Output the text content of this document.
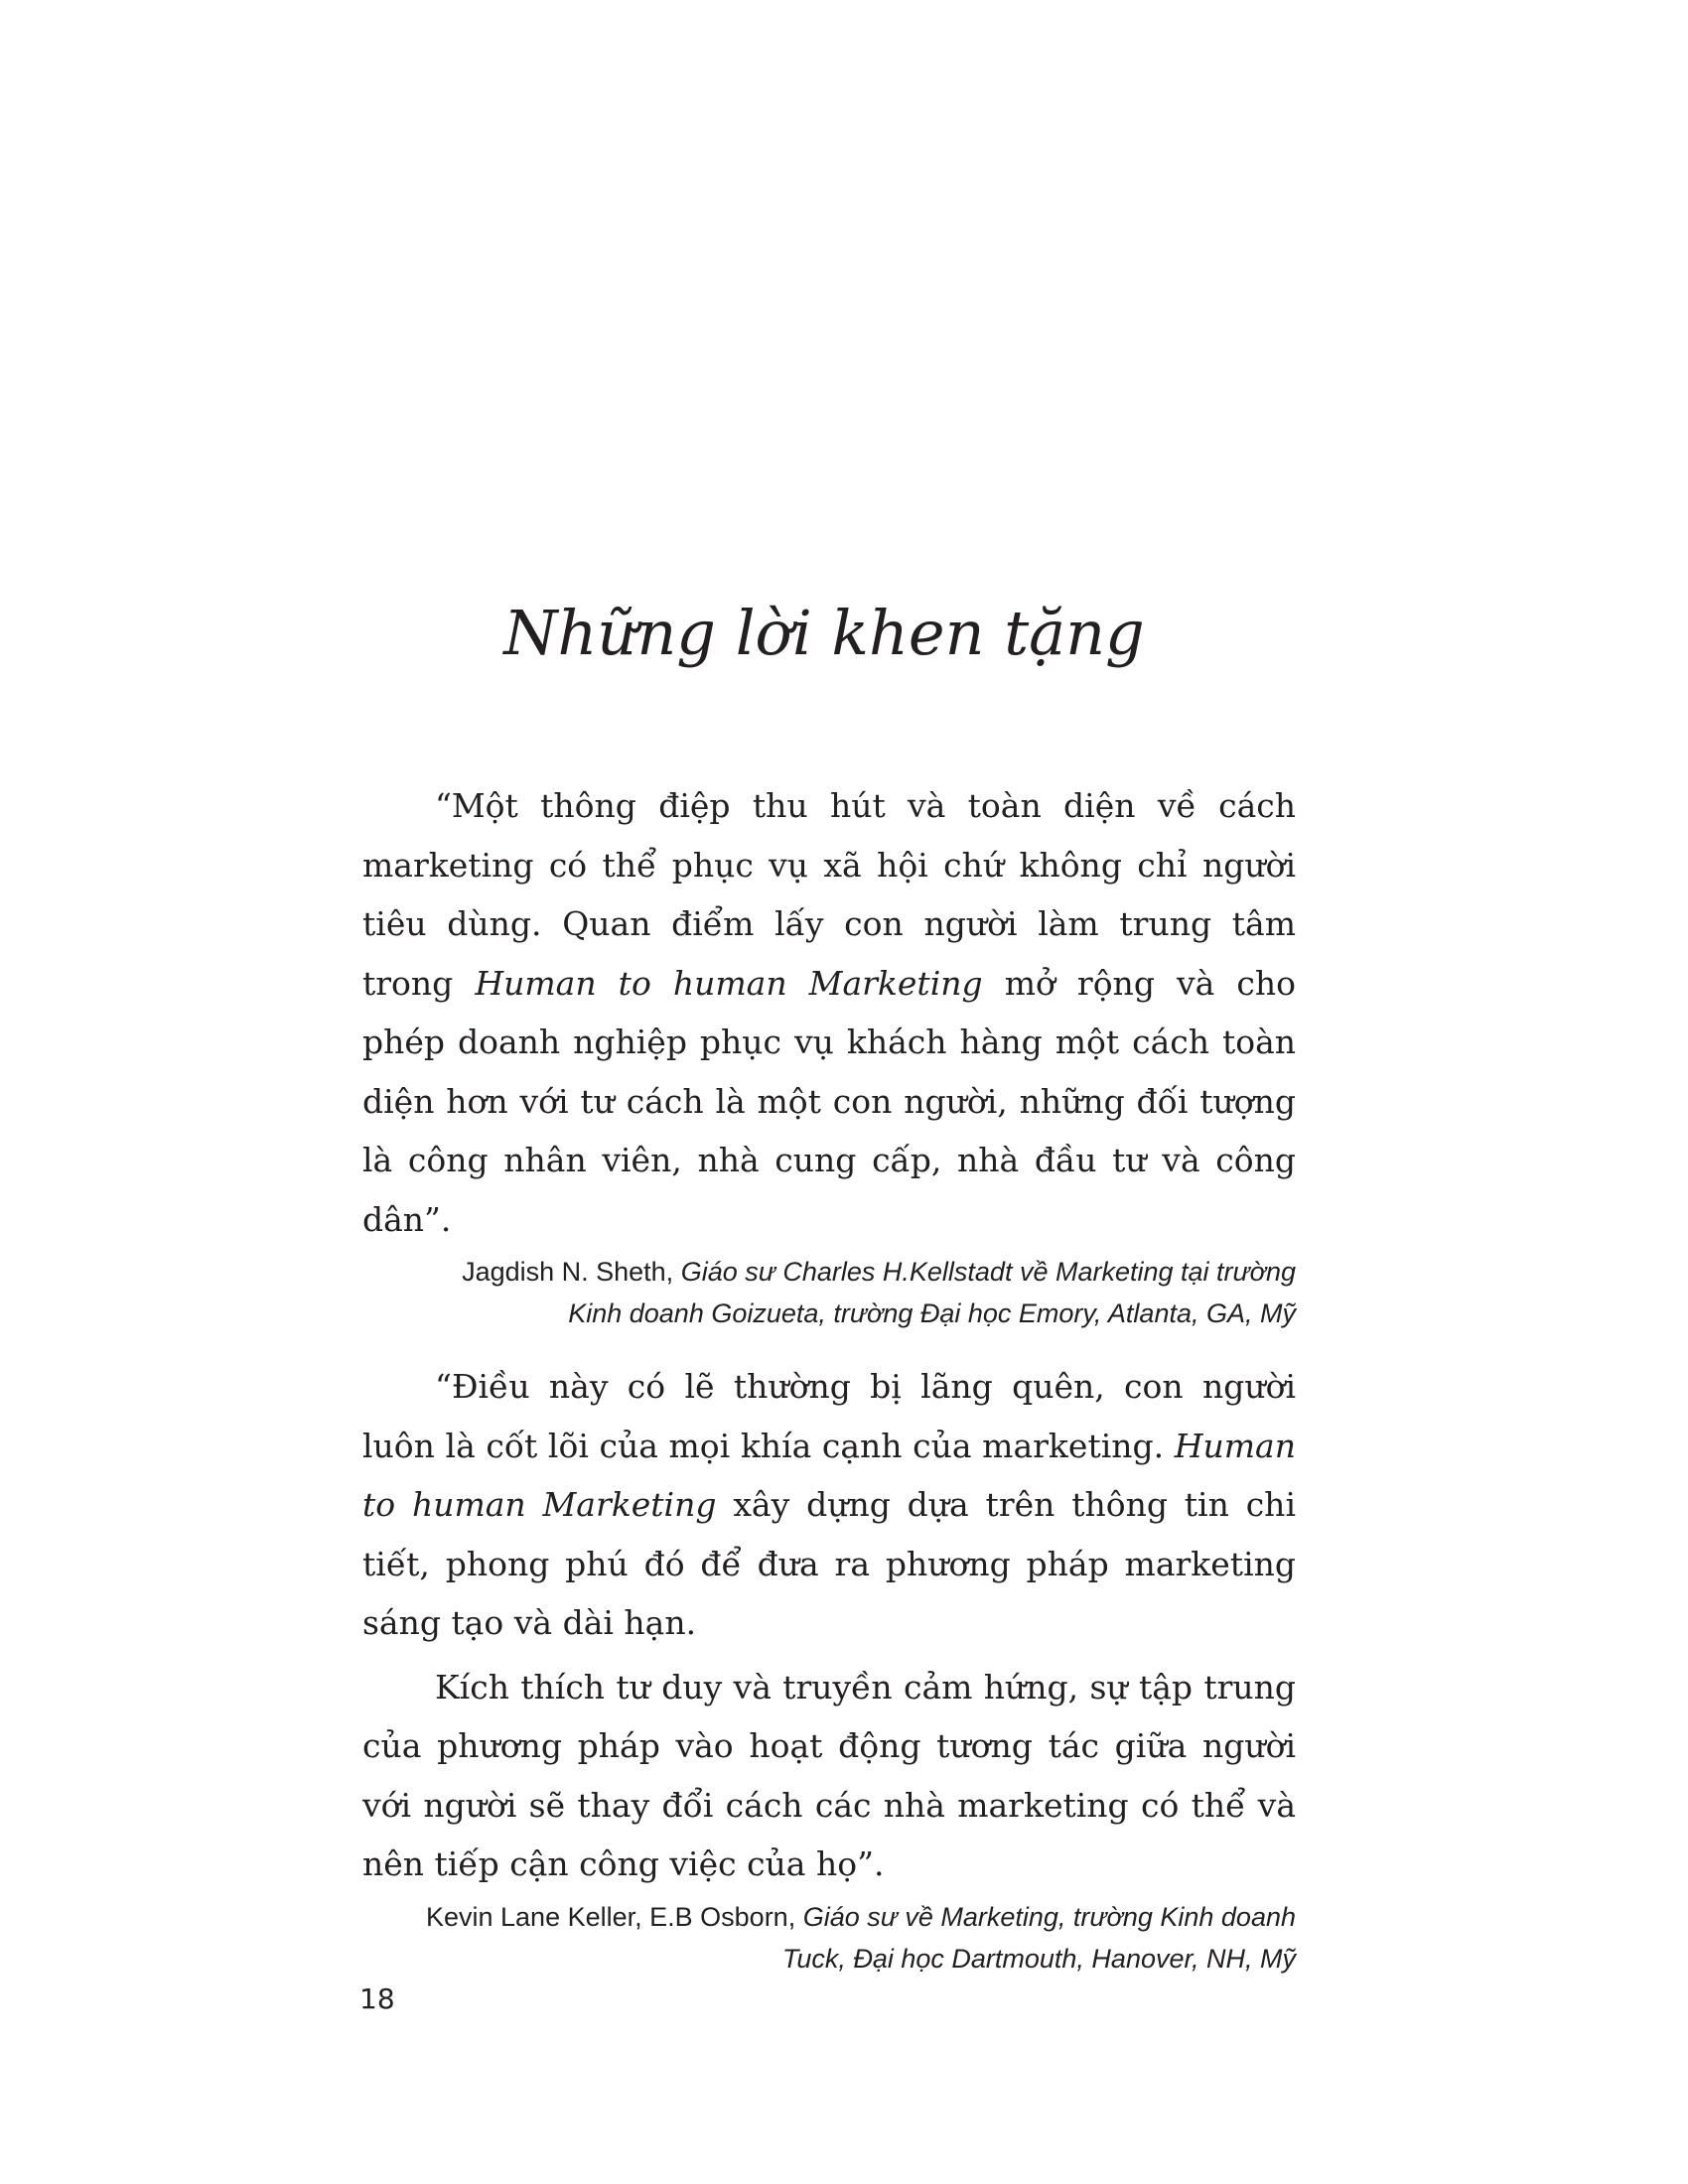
Những lời khen tặng

“Một thông điệp thu hút và toàn diện về cách marketing có thể phục vụ xã hội chứ không chỉ người tiêu dùng. Quan điểm lấy con người làm trung tâm trong Human to human Marketing mở rộng và cho phép doanh nghiệp phục vụ khách hàng một cách toàn diện hơn với tư cách là một con người, những đối tượng là công nhân viên, nhà cung cấp, nhà đầu tư và công dân”.

Jagdish N. Sheth, Giáo sư Charles H.Kellstadt về Marketing tại trường Kinh doanh Goizueta, trường Đại học Emory, Atlanta, GA, Mỹ

“Điều này có lẽ thường bị lãng quên, con người luôn là cốt lõi của mọi khía cạnh của marketing. Human to human Marketing xây dựng dựa trên thông tin chi tiết, phong phú đó để đưa ra phương pháp marketing sáng tạo và dài hạn.

Kích thích tư duy và truyền cảm hứng, sự tập trung của phương pháp vào hoạt động tương tác giữa người với người sẽ thay đổi cách các nhà marketing có thể và nên tiếp cận công việc của họ”.

Kevin Lane Keller, E.B Osborn, Giáo sư về Marketing, trường Kinh doanh Tuck, Đại học Dartmouth, Hanover, NH, Mỹ

18
